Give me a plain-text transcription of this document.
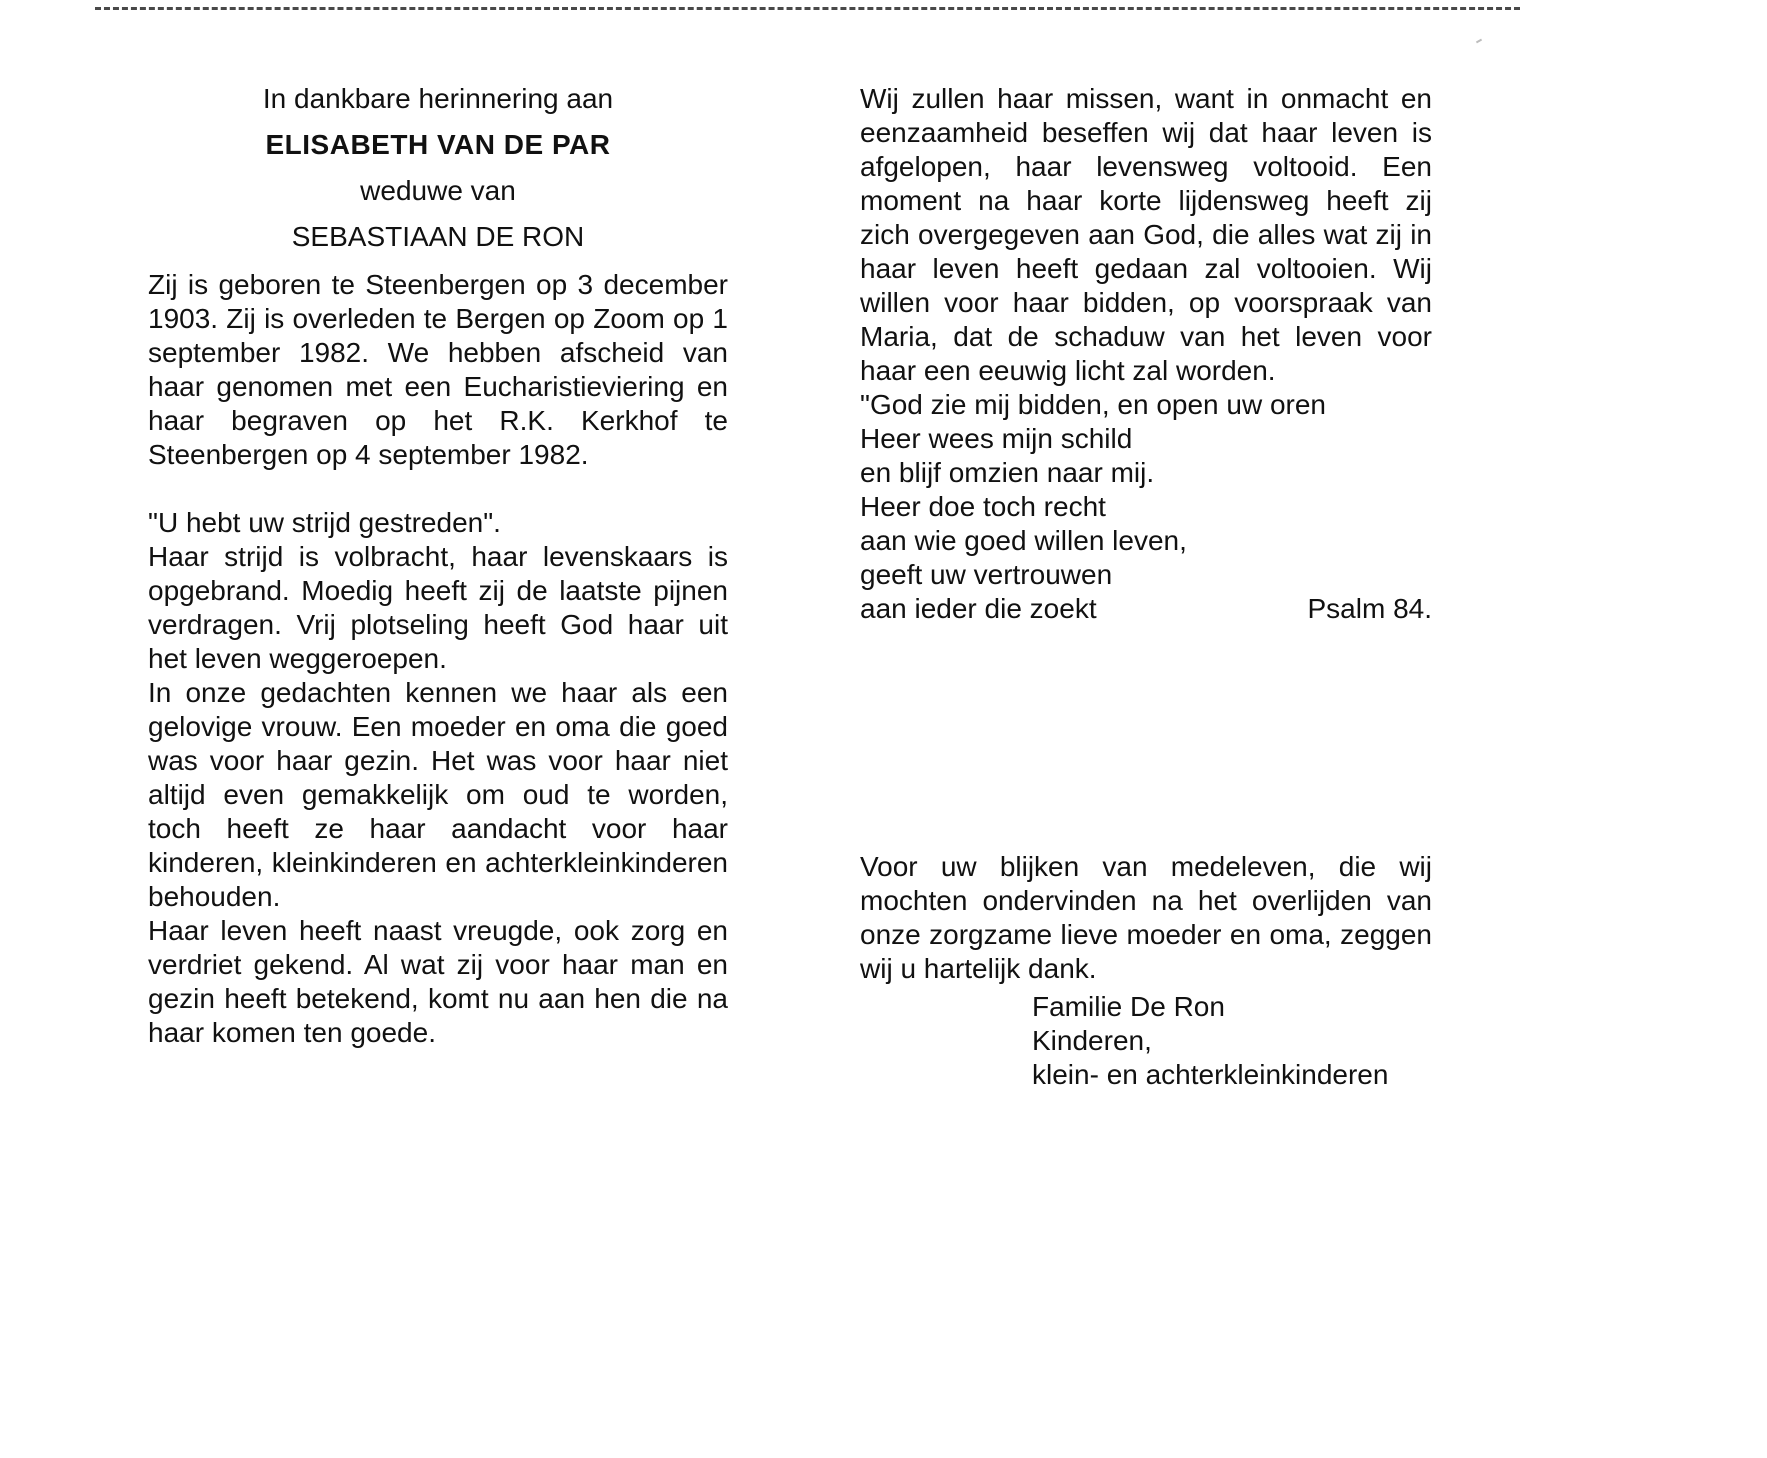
In dankbare herinnering aan
ELISABETH VAN DE PAR
weduwe van
SEBASTIAAN DE RON

Zij is geboren te Steenbergen op 3 december 1903. Zij is overleden te Bergen op Zoom op 1 september 1982. We hebben afscheid van haar genomen met een Eucharistieviering en haar begraven op het R.K. Kerkhof te Steenbergen op 4 september 1982.

"U hebt uw strijd gestreden".

Haar strijd is volbracht, haar levenskaars is opgebrand. Moedig heeft zij de laatste pijnen verdragen. Vrij plotseling heeft God haar uit het leven weggeroepen.

In onze gedachten kennen we haar als een gelovige vrouw. Een moeder en oma die goed was voor haar gezin. Het was voor haar niet altijd even gemakkelijk om oud te worden, toch heeft ze haar aandacht voor haar kinderen, kleinkinderen en achterkleinkinderen behouden.

Haar leven heeft naast vreugde, ook zorg en verdriet gekend. Al wat zij voor haar man en gezin heeft betekend, komt nu aan hen die na haar komen ten goede.

Wij zullen haar missen, want in onmacht en eenzaamheid beseffen wij dat haar leven is afgelopen, haar levensweg voltooid. Een moment na haar korte lijdensweg heeft zij zich overgegeven aan God, die alles wat zij in haar leven heeft gedaan zal voltooien. Wij willen voor haar bidden, op voorspraak van Maria, dat de schaduw van het leven voor haar een eeuwig licht zal worden.

"God zie mij bidden, en open uw oren

Heer wees mijn schild

en blijf omzien naar mij.

Heer doe toch recht

aan wie goed willen leven,

geeft uw vertrouwen

aan ieder die zoekt	Psalm 84.

Voor uw blijken van medeleven, die wij mochten ondervinden na het overlijden van onze zorgzame lieve moeder en oma, zeggen wij u hartelijk dank.

Familie De Ron

Kinderen,

klein- en achterkleinkinderen
